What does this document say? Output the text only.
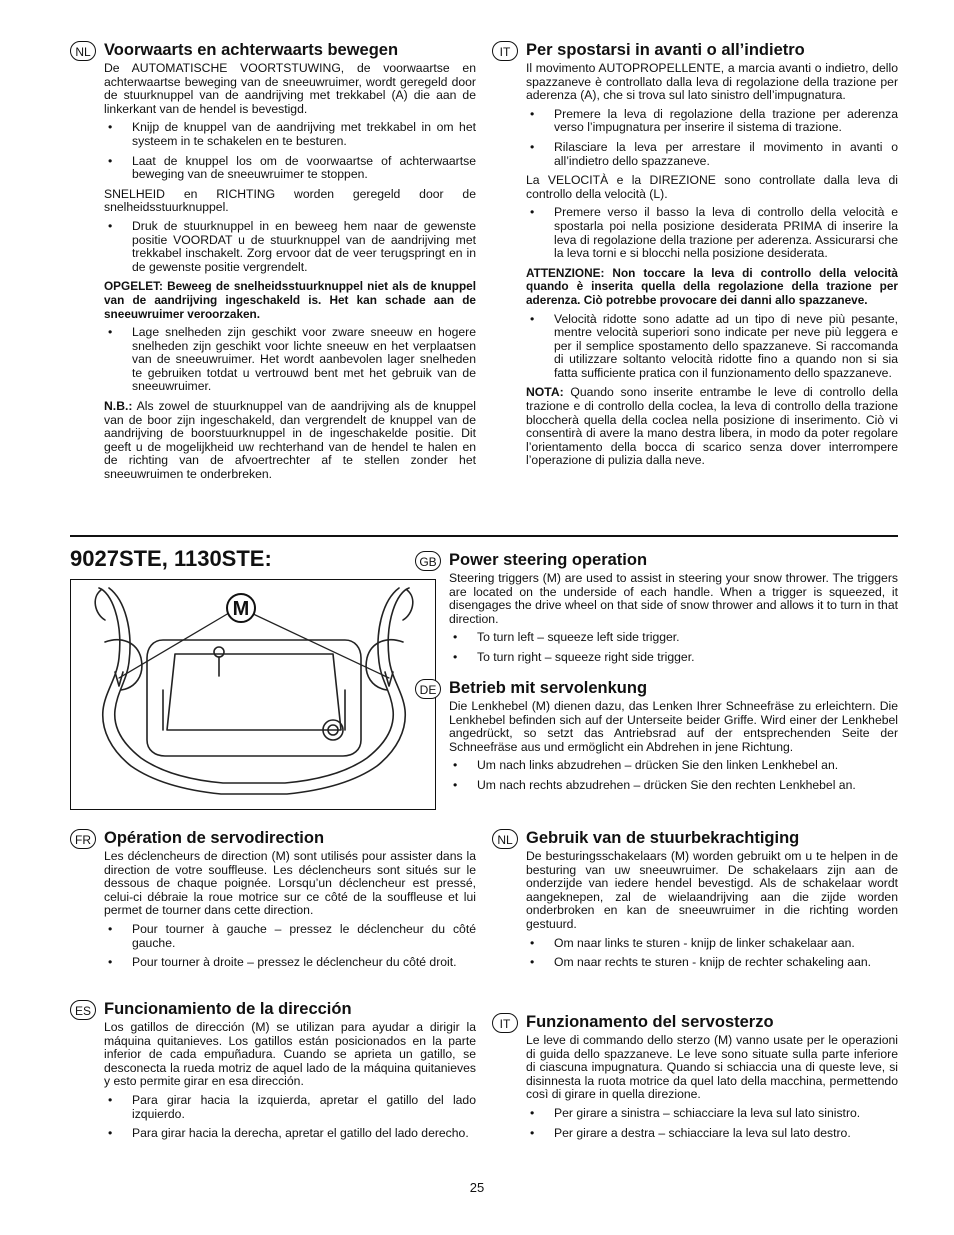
NL Voorwaarts en achterwaarts bewegen

De AUTOMATISCHE VOORTSTUWING, de voorwaartse en achterwaartse beweging van de sneeuwruimer, wordt geregeld door de stuurknuppel van de aandrijving met trekkabel (A) die aan de linkerkant van de hendel is bevestigd.

• Knijp de knuppel van de aandrijving met trekkabel in om het systeem in te schakelen en te besturen.
• Laat de knuppel los om de voorwaartse of achterwaartse beweging van de sneeuwruimer te stoppen.

SNELHEID en RICHTING worden geregeld door de snelheidsstuurknuppel.

• Druk de stuurknuppel in en beweeg hem naar de gewenste positie VOORDAT u de stuurknuppel van de aandrijving met trekkabel inschakelt. Zorg ervoor dat de veer terugspringt en in de gewenste positie vergrendelt.

OPGELET: Beweeg de snelheidsstuurknuppel niet als de knuppel van de aandrijving ingeschakeld is. Het kan schade aan de sneeuwruimer veroorzaken.

• Lage snelheden zijn geschikt voor zware sneeuw en hogere snelheden zijn geschikt voor lichte sneeuw en het verplaatsen van de sneeuwruimer. Het wordt aanbevolen lager snelheden te gebruiken totdat u vertrouwd bent met het gebruik van de sneeuwruimer.

N.B.: Als zowel de stuurknuppel van de aandrijving als de knuppel van de boor zijn ingeschakeld, dan vergrendelt de knuppel van de aandrijving de boorstuurknuppel in de ingeschakelde positie. Dit geeft u de mogelijkheid uw rechterhand van de hendel te halen en de richting van de afvoertrechter af te stellen zonder het sneeuwruimen te onderbreken.

IT Per spostarsi in avanti o all’indietro

Il movimento AUTOPROPELLENTE, a marcia avanti o indietro, dello spazzaneve è controllato dalla leva di regolazione della trazione per aderenza (A), che si trova sul lato sinistro dell’impugnatura.

• Premere la leva di regolazione della trazione per aderenza verso l’impugnatura per inserire il sistema di trazione.
• Rilasciare la leva per arrestare il movimento in avanti o all’indietro dello spazzaneve.

La VELOCITÀ e la DIREZIONE sono controllate dalla leva di controllo della velocità (L).

• Premere verso il basso la leva di controllo della velocità e spostarla poi nella posizione desiderata PRIMA di inserire la leva di regolazione della trazione per aderenza. Assicurarsi che la leva torni e si blocchi nella posizione desiderata.

ATTENZIONE: Non toccare la leva di controllo della velocità quando è inserita quella della regolazione della trazione per aderenza. Ciò potrebbe provocare dei danni allo spazzaneve.

• Velocità ridotte sono adatte ad un tipo di neve più pesante, mentre velocità superiori sono indicate per neve più leggera e per il semplice spostamento dello spazzaneve. Si raccomanda di utilizzare soltanto velocità ridotte fino a quando non si sia fatta sufficiente pratica con il funzionamento dello spazzaneve.

NOTA: Quando sono inserite entrambe le leve di controllo della trazione e di controllo della coclea, la leva di controllo della trazione bloccherà quella della coclea nella posizione di inserimento. Ciò vi consentirà di avere la mano destra libera, in modo da poter regolare l’orientamento della bocca di scarico senza dover interrompere l’operazione di pulizia dalla neve.

9027STE, 1130STE:
M
GB Power steering operation

Steering triggers (M) are used to assist in steering your snow thrower. The triggers are located on the underside of each handle. When a trigger is squeezed, it disengages the drive wheel on that side of snow thrower and allows it to turn in that direction.

• To turn left – squeeze left side trigger.
• To turn right – squeeze right side trigger.
DE Betrieb mit servolenkung

Die Lenkhebel (M) dienen dazu, das Lenken Ihrer Schneefräse zu erleichtern. Die Lenkhebel befinden sich auf der Unterseite beider Griffe. Wird einer der Lenkhebel angedrückt, so setzt das Antriebsrad auf der entsprechenden Seite der Schneefräse aus und ermöglicht ein Abdrehen in jene Richtung.

• Um nach links abzudrehen – drücken Sie den linken Lenkhebel an.
• Um nach rechts abzudrehen – drücken Sie den rechten Lenkhebel an.
FR Opération de servodirection

Les déclencheurs de direction (M) sont utilisés pour assister dans la direction de votre souffleuse. Les déclencheurs sont situés sur le dessous de chaque poignée. Lorsqu’un déclencheur est pressé, celui-ci débraie la roue motrice sur ce côté de la souffleuse et lui permet de tourner dans cette direction.

• Pour tourner à gauche – pressez le déclencheur du côté gauche.
• Pour tourner à droite – pressez le déclencheur du côté droit.
ES Funcionamiento de la dirección

Los gatillos de dirección (M) se utilizan para ayudar a dirigir la máquina quitanieves. Los gatillos están posicionados en la parte inferior de cada empuñadura. Cuando se aprieta un gatillo, se desconecta la rueda motriz de aquel lado de la máquina quitanieves y esto permite girar en esa dirección.

• Para girar hacia la izquierda, apretar el gatillo del lado izquierdo.
• Para girar hacia la derecha, apretar el gatillo del lado derecho.
NL Gebruik van de stuurbekrachtiging

De besturingsschakelaars (M) worden gebruikt om u te helpen in de besturing van uw sneeuwruimer. De schakelaars zijn aan de onderzijde van iedere hendel bevestigd. Als de schakelaar wordt aangeknepen, zal de wielaandrijving aan die zijde worden onderbroken en kan de sneeuwruimer in die richting worden gestuurd.

• Om naar links te sturen - knijp de linker schakelaar aan.
• Om naar rechts te sturen - knijp de rechter schakeling aan.
IT Funzionamento del servosterzo

Le leve di commando dello sterzo (M) vanno usate per le operazioni di guida dello spazzaneve. Le leve sono situate sulla parte inferiore di ciascuna impugnatura. Quando si schiaccia una di queste leve, si disinnesta la ruota motrice da quel lato della macchina, permettendo così di girare in quella direzione.

• Per girare a sinistra – schiacciare la leva sul lato sinistro.
• Per girare a destra – schiacciare la leva sul lato destro.
25
